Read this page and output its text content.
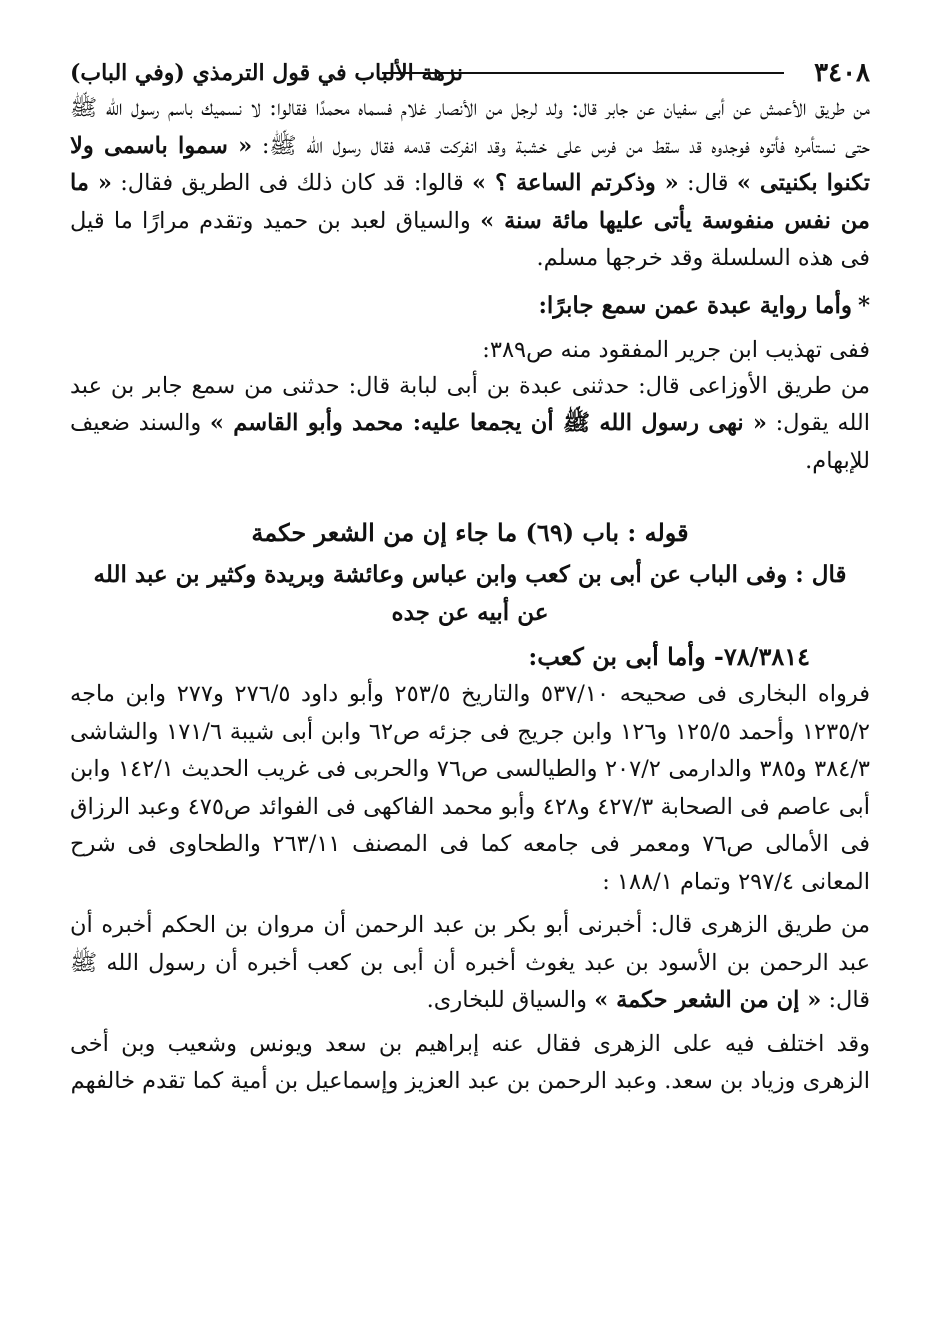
٣٤٠٨
نزهة الألباب في قول الترمذي (وفي الباب)

من طريق الأعمش عن أبى سفيان عن جابر قال: ولد لرجل من الأنصار غلام فسماه محمدًا فقالوا: لا نسميك باسم رسول الله ﷺ حتى نستأمره فأتوه فوجدوه قد سقط من فرس على خشبة وقد انفركت قدمه فقال رسول الله ﷺ: « سموا باسمى ولا تكنوا بكنيتى » قال: « وذكرتم الساعة ؟ » قالوا: قد كان ذلك فى الطريق فقال: « ما من نفس منفوسة يأتى عليها مائة سنة » والسياق لعبد بن حميد وتقدم مرارًا ما قيل فى هذه السلسلة وقد خرجها مسلم.

*وأما رواية عبدة عمن سمع جابرًا:

ففى تهذيب ابن جرير المفقود منه ص٣٨٩:

من طريق الأوزاعى قال: حدثنى عبدة بن أبى لبابة قال: حدثنى من سمع جابر بن عبد الله يقول: « نهى رسول الله ﷺ أن يجمعا عليه: محمد وأبو القاسم » والسند ضعيف للإبهام.

قوله : باب (٦٩) ما جاء إن من الشعر حكمة
قال : وفى الباب عن أبى بن كعب وابن عباس وعائشة وبريدة وكثير بن عبد الله عن أبيه عن جده
٧٨/٣٨١٤- وأما أبى بن كعب:

فرواه البخارى فى صحيحه ٥٣٧/١٠ والتاريخ ٢٥٣/٥ وأبو داود ٢٧٦/٥ و٢٧٧ وابن ماجه ١٢٣٥/٢ وأحمد ١٢٥/٥ و١٢٦ وابن جريج فى جزئه ص٦٢ وابن أبى شيبة ١٧١/٦ والشاشى ٣٨٤/٣ و٣٨٥ والدارمى ٢٠٧/٢ والطيالسى ص٧٦ والحربى فى غريب الحديث ١٤٢/١ وابن أبى عاصم فى الصحابة ٤٢٧/٣ و٤٢٨ وأبو محمد الفاكهى فى الفوائد ص٤٧٥ وعبد الرزاق فى الأمالى ص٧٦ ومعمر فى جامعه كما فى المصنف ٢٦٣/١١ والطحاوى فى شرح المعانى ٢٩٧/٤ وتمام ١٨٨/١ :

من طريق الزهرى قال: أخبرنى أبو بكر بن عبد الرحمن أن مروان بن الحكم أخبره أن عبد الرحمن بن الأسود بن عبد يغوث أخبره أن أبى بن كعب أخبره أن رسول الله ﷺ قال: « إن من الشعر حكمة » والسياق للبخارى.

وقد اختلف فيه على الزهرى فقال عنه إبراهيم بن سعد ويونس وشعيب وبن أخى الزهرى وزياد بن سعد. وعبد الرحمن بن عبد العزيز وإسماعيل بن أمية كما تقدم خالفهم
